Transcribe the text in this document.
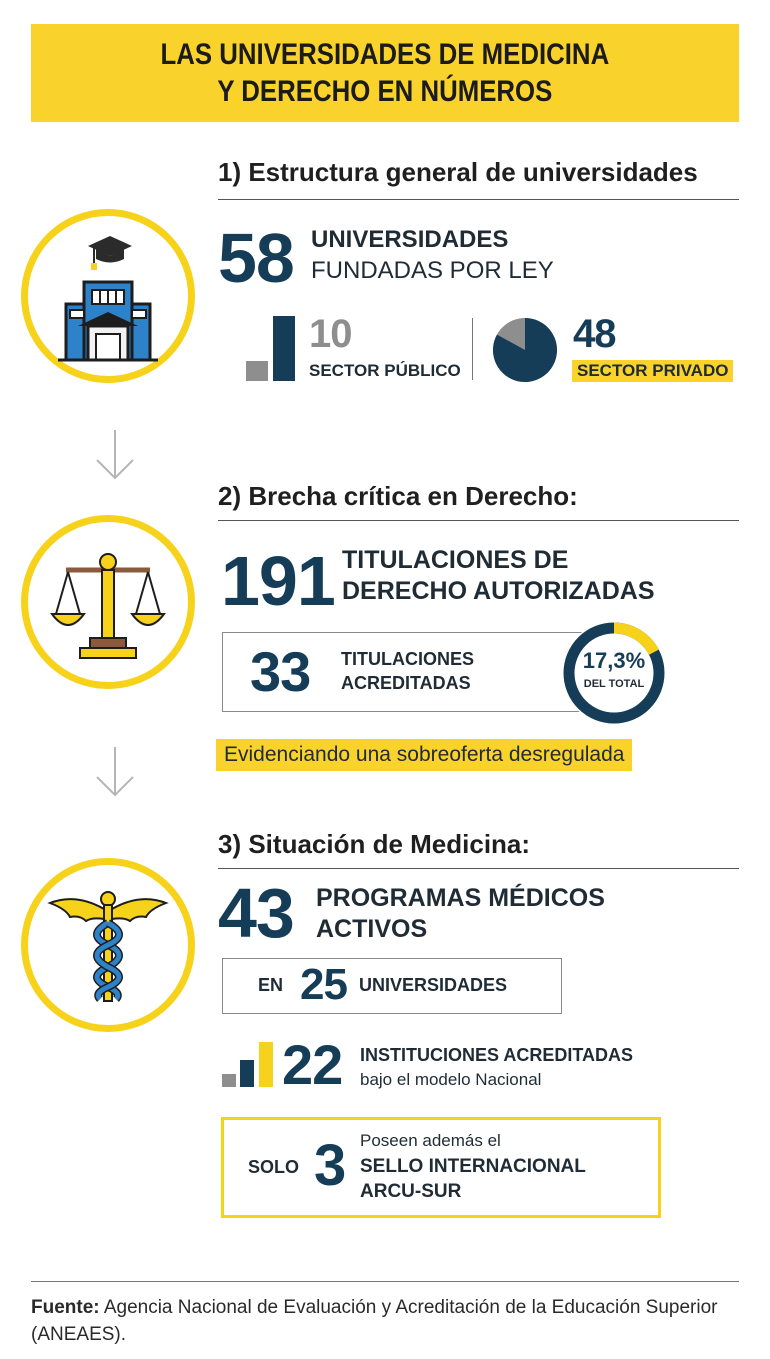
LAS UNIVERSIDADES DE MEDICINA
Y DERECHO EN NÚMEROS
1) Estructura general de universidades
58 UNIVERSIDADES
FUNDADAS POR LEY
10
SECTOR PÚBLICO
48
SECTOR PRIVADO
2) Brecha crítica en Derecho:
191 TITULACIONES DE
DERECHO AUTORIZADAS
33 TITULACIONES
ACREDITADAS
17,3%
DEL TOTAL
Evidenciando una sobreoferta desregulada
3) Situación de Medicina:
43 PROGRAMAS MÉDICOS
ACTIVOS
EN 25 UNIVERSIDADES
22 INSTITUCIONES ACREDITADAS
bajo el modelo Nacional
SOLO 3 Poseen además el
SELLO INTERNACIONAL
ARCU-SUR
Fuente: Agencia Nacional de Evaluación y Acreditación de la Educación Superior (ANEAES).
